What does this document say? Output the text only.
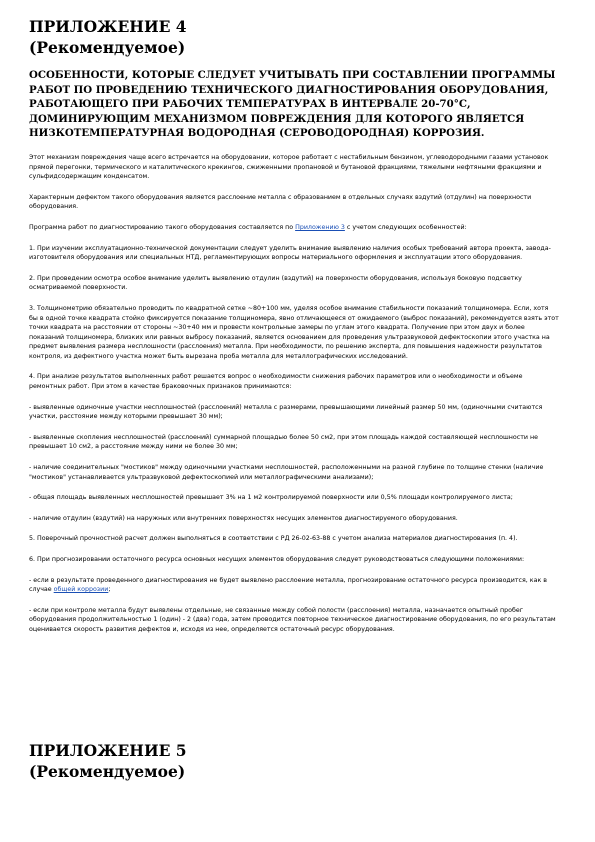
ПРИЛОЖЕНИЕ 4
(Рекомендуемое)
ОСОБЕННОСТИ, КОТОРЫЕ СЛЕДУЕТ УЧИТЫВАТЬ ПРИ СОСТАВЛЕНИИ ПРОГРАММЫ РАБОТ ПО ПРОВЕДЕНИЮ ТЕХНИЧЕСКОГО ДИАГНОСТИРОВАНИЯ ОБОРУДОВАНИЯ, РАБОТАЮЩЕГО ПРИ РАБОЧИХ ТЕМПЕРАТУРАХ В ИНТЕРВАЛЕ 20-70°С, ДОМИНИРУЮЩИМ МЕХАНИЗМОМ ПОВРЕЖДЕНИЯ ДЛЯ КОТОРОГО ЯВЛЯЕТСЯ НИЗКОТЕМПЕРАТУРНАЯ ВОДОРОДНАЯ (СЕРОВОДОРОДНАЯ) КОРРОЗИЯ.

Этот механизм повреждения чаще всего встречается на оборудовании, которое работает с нестабильным бензином, углеводородными газами установок прямой перегонки, термического и каталитического крекингов, сжиженными пропановой и бутановой фракциями, тяжелыми нефтяными фракциями и сульфидсодержащим конденсатом.

Характерным дефектом такого оборудования является расслоение металла с образованием в отдельных случаях вздутий (отдулин) на поверхности оборудования.

Программа работ по диагностированию такого оборудования составляется по Приложению 3 с учетом следующих особенностей:

1. При изучении эксплуатационно-технической документации следует уделить внимание выявлению наличия особых требований автора проекта, завода-изготовителя оборудования или специальных НТД, регламентирующих вопросы материального оформления и эксплуатации этого оборудования.

2. При проведении осмотра особое внимание уделить выявлению отдулин (вздутий) на поверхности оборудования, используя боковую подсветку осматриваемой поверхности.

3. Толщинометрию обязательно проводить по квадратной сетке ~80+100 мм, уделяя особое внимание стабильности показаний толщиномера. Если, хотя бы в одной точке квадрата стойко фиксируется показание толщиномера, явно отличающееся от ожидаемого (выброс показаний), рекомендуется взять этот точки квадрата на расстоянии от стороны ~30+40 мм и провести контрольные замеры по углам этого квадрата. Получение при этом двух и более показаний толщиномера, близких или равных выбросу показаний, является основанием для проведения ультразвуковой дефектоскопии этого участка на предмет выявления размера несплошности (расслоения) металла. При необходимости, по решению эксперта, для повышения надежности результатов контроля, из дефектного участка может быть вырезана проба металла для металлографических исследований.

4. При анализе результатов выполненных работ решается вопрос о необходимости снижения рабочих параметров или о необходимости и объеме ремонтных работ. При этом в качестве браковочных признаков принимаются:

- выявленные одиночные участки несплошностей (расслоений) металла с размерами, превышающими линейный размер 50 мм, (одиночными считаются участки, расстояние между которыми превышает 30 мм);

- выявленные скопления несплошностей (расслоений) суммарной площадью более 50 см2, при этом площадь каждой составляющей несплошности не превышает 10 см2, а расстояние между ними не более 30 мм;

- наличие соединительных "мостиков" между одиночными участками несплошностей, расположенными на разной глубине по толщине стенки (наличие "мостиков" устанавливается ультразвуковой дефектоскопией или металлографическими анализами);

- общая площадь выявленных несплошностей превышает 3% на 1 м2 контролируемой поверхности или 0,5% площади контролируемого листа;

- наличие отдулин (вздутий) на наружных или внутренних поверхностях несущих элементов диагностируемого оборудования.

5. Поверочный прочностной расчет должен выполняться в соответствии с РД 26-02-63-88 с учетом анализа материалов диагностирования (п. 4).

6. При прогнозировании остаточного ресурса основных несущих элементов оборудования следует руководствоваться следующими положениями:

- если в результате проведенного диагностирования не будет выявлено расслоение металла, прогнозирование остаточного ресурса производится, как в случае общей коррозии;

- если при контроле металла будут выявлены отдельные, не связанные между собой полости (расслоения) металла, назначается опытный пробег оборудования продолжительностью 1 (один) - 2 (два) года, затем проводится повторное техническое диагностирование оборудования, по его результатам оценивается скорость развития дефектов и, исходя из нее, определяется остаточный ресурс оборудования.

ПРИЛОЖЕНИЕ 5
(Рекомендуемое)
